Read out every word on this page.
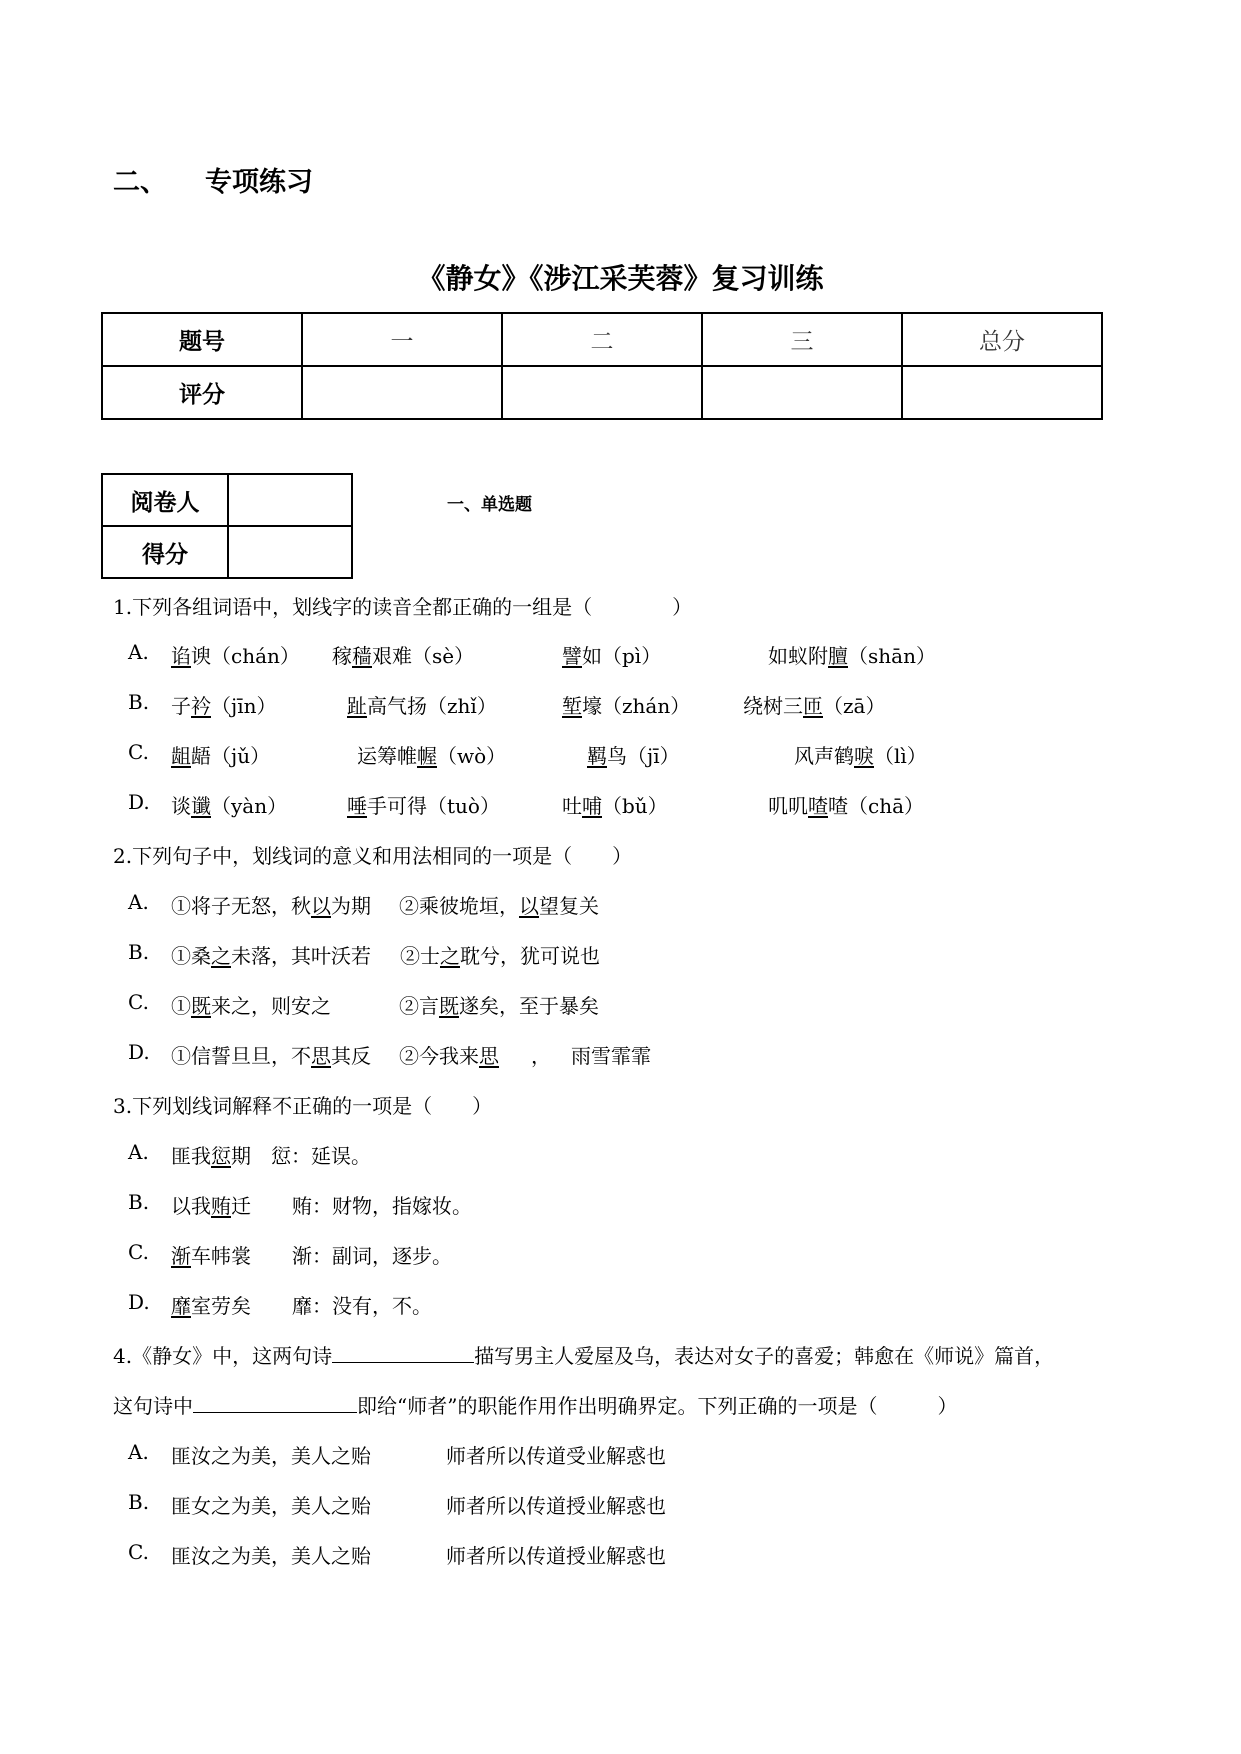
二、 专项练习
《静女》《涉江采芙蓉》复习训练
题号	一	二	三	总分
评分				
阅卷人	
得分	
一、单选题
1.下列各组词语中，划线字的读音全都正确的一组是（　　　　）
A. 谄谀（chán） 稼穑艰难（sè）	譬如（pì）	如蚁附膻（shān）
B. 子衿（jīn）	趾高气扬（zhǐ）	堑壕（zhán）	绕树三匝（zā）
C. 龃龉（jǔ）	运筹帷幄（wò）	羁鸟（jī）	风声鹤唳（lì）
D. 谈谶（yàn）	唾手可得（tuò）	吐哺（bǔ）	叽叽喳喳（chā）
2.下列句子中，划线词的意义和用法相同的一项是（　　）
A. ①将子无怒，秋以为期 ②乘彼垝垣，以望复关
B. ①桑之未落，其叶沃若 ②士之耽兮，犹可说也
C. ①既来之，则安之	②言既遂矣，至于暴矣
D. ①信誓旦旦，不思其反 ②今我来思 ， 雨雪霏霏
3.下列划线词解释不正确的一项是（　　）
A. 匪我愆期 愆：延误。
B. 以我贿迁 贿：财物，指嫁妆。
C. 渐车帏裳 渐：副词，逐步。
D. 靡室劳矣 靡：没有，不。
4.《静女》中，这两句诗	描写男主人爱屋及乌，表达对女子的喜爱；韩愈在《师说》篇首，
这句诗中	即给“师者”的职能作用作出明确界定。下列正确的一项是（　　　）
A. 匪汝之为美，美人之贻	师者所以传道受业解惑也
B. 匪女之为美，美人之贻	师者所以传道授业解惑也
C. 匪汝之为美，美人之贻	师者所以传道授业解惑也
